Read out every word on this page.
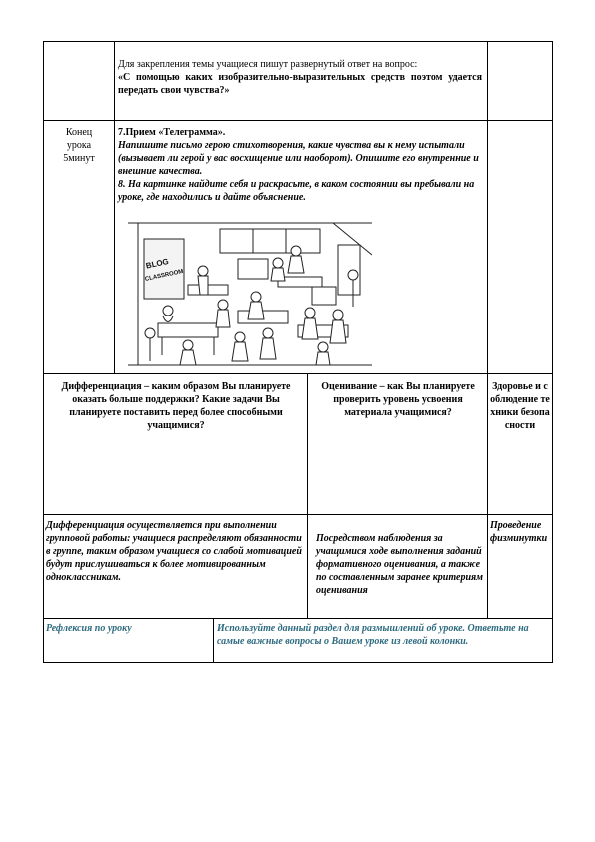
Для закрепления темы учащиеся пишут развернутый ответ на вопрос:
«С помощью каких изобразительно-выразительных средств поэтом удается передать свои чувства?»
Конец
урока
5минут
7.Прием «Телеграмма».
Напишите письмо герою стихотворения, какие чувства вы к нему испытали (вызывает ли герой у вас восхищение или наоборот). Опишите его внутренние и внешние качества.
8. На картинке найдите себя и раскрасьте, в каком состоянии вы пребывали на уроке, где находились и дайте объяснение.
BLOG
CLASSROOM
Дифференциация – каким образом Вы планируете оказать больше поддержки? Какие задачи Вы планируете поставить перед более способными учащимися?
Оценивание – как Вы планируете проверить уровень усвоения материала учащимися?
Здоровье и соблюдение техники безопасности
Дифференциация осуществляется при выполнении групповой работы: учащиеся распределяют обязанности в группе, таким образом учащиеся со слабой мотивацией будут прислушиваться к более мотивированным одноклассникам.
Посредством наблюдения за учащимися ходе выполнения заданий формативного оценивания, а также по составленным заранее критериям оценивания
Проведение физминутки
Рефлексия по уроку	Используйте данный раздел для размышлений об уроке. Ответьте на самые важные вопросы о Вашем уроке из левой колонки.
